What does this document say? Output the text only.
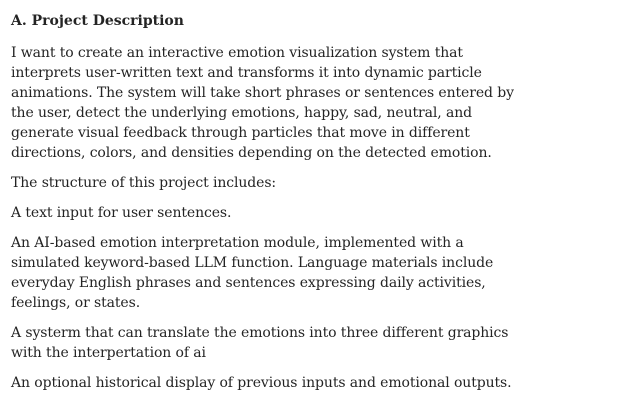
A. Project Description

I want to create an interactive emotion visualization system that interprets user-written text and transforms it into dynamic particle animations. The system will take short phrases or sentences entered by the user, detect the underlying emotions, happy, sad, neutral, and generate visual feedback through particles that move in different directions, colors, and densities depending on the detected emotion.

The structure of this project includes:

A text input for user sentences.

An AI-based emotion interpretation module, implemented with a simulated keyword-based LLM function. Language materials include everyday English phrases and sentences expressing daily activities, feelings, or states.

A systerm that can translate the emotions into three different graphics with the interpertation of ai

An optional historical display of previous inputs and emotional outputs.
